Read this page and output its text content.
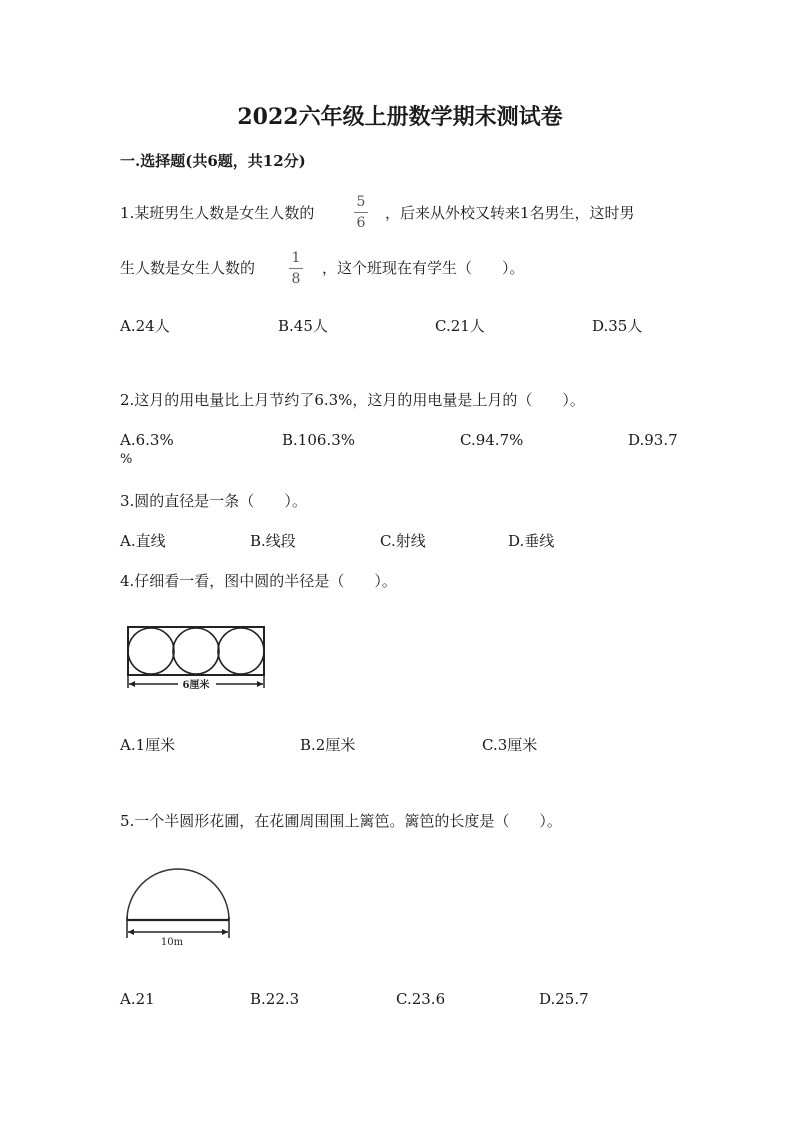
2022六年级上册数学期末测试卷
一.选择题(共6题，共12分)
1.某班男生人数是女生人数的
5
6
，后来从外校又转来1名男生，这时男
生人数是女生人数的
1
8
，这个班现在有学生（　　）。
A.24人	B.45人	C.21人	D.35人
2.这月的用电量比上月节约了6.3%，这月的用电量是上月的（　　）。
A.6.3%	B.106.3%	C.94.7%	D.93.7
%
3.圆的直径是一条（　　）。
A.直线	B.线段	C.射线	D.垂线
4.仔细看一看，图中圆的半径是（　　）。
6厘米
A.1厘米	B.2厘米	C.3厘米
5.一个半圆形花圃，在花圃周围围上篱笆。篱笆的长度是（　　）。
10m
A.21	B.22.3	C.23.6	D.25.7
